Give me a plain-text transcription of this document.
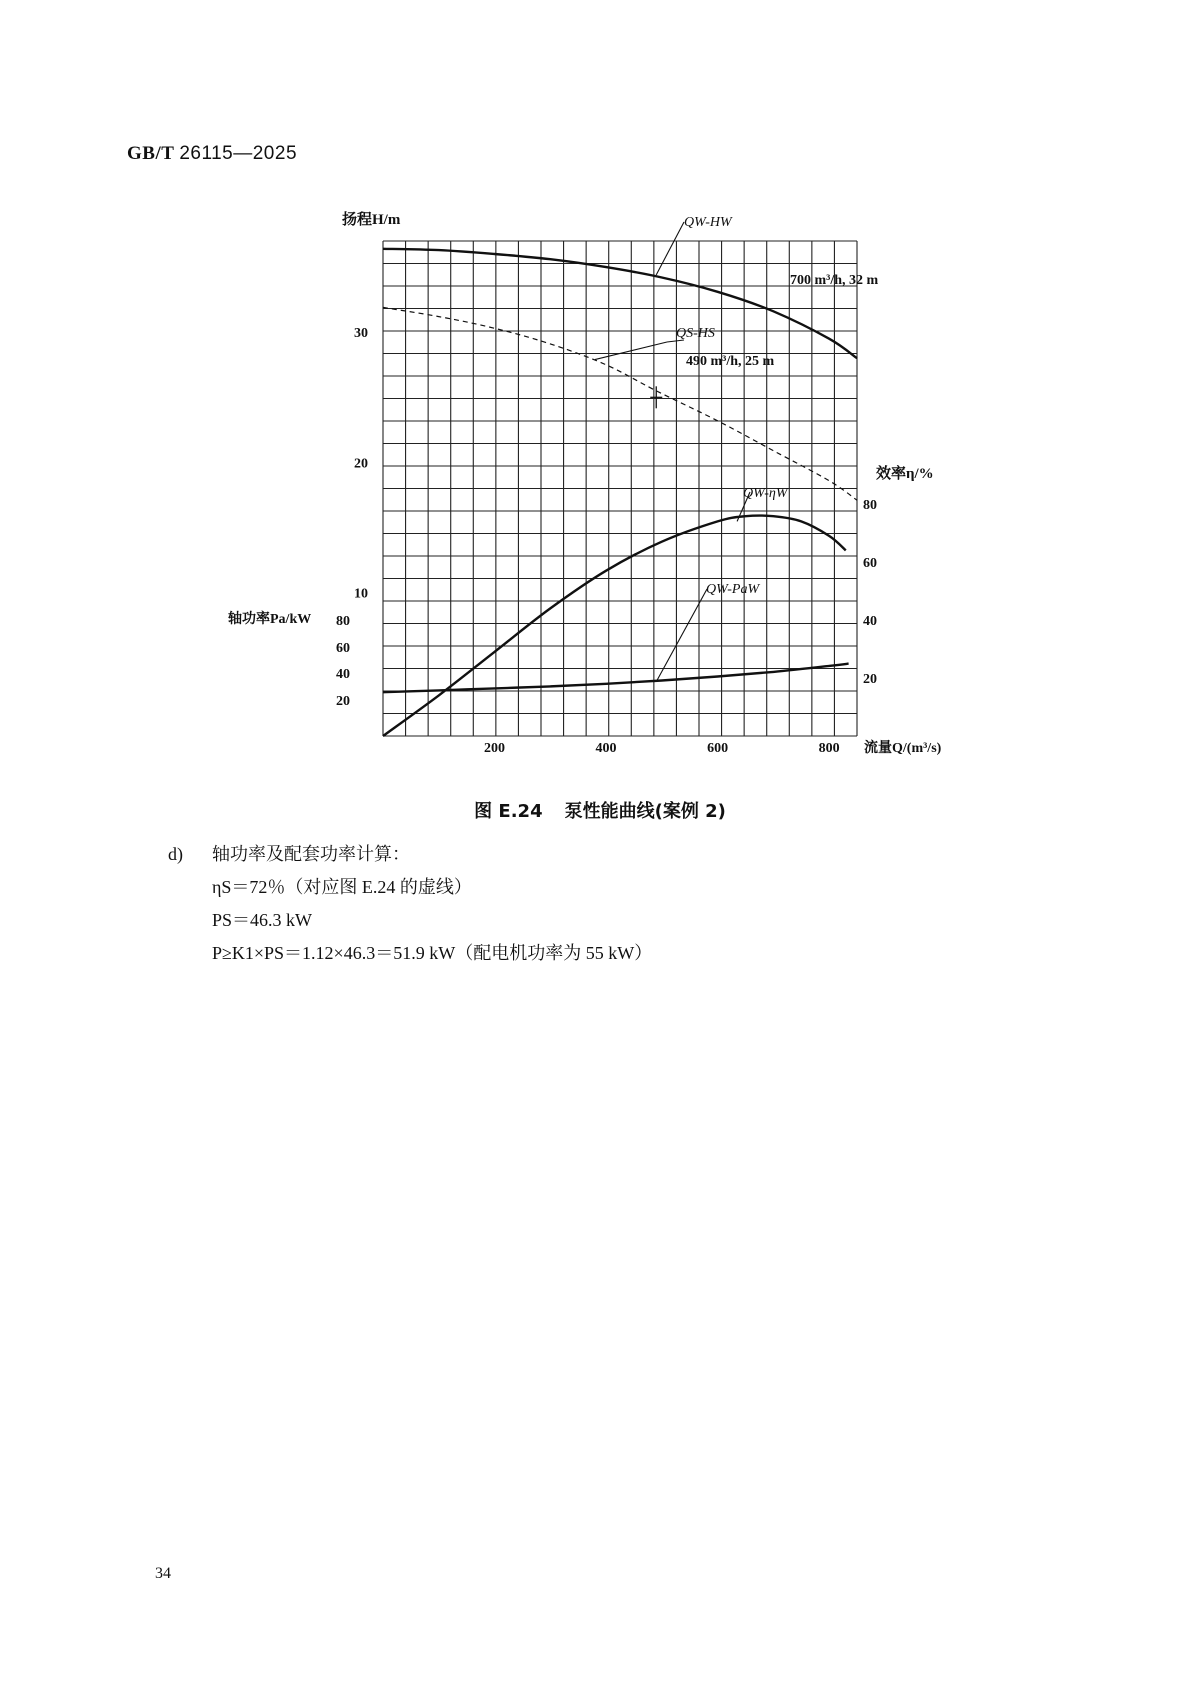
GB/T 26115—2025
200	400	600	800
10
20
30
20
40
60
80
20
40
60
80
扬程H/m
轴功率Pa/kW
效率η/%
流量Q/(m³/s)
QW-HW
QS-HS
QW-ηW
QW-PaW
700 m³/h, 32 m
490 m³/h, 25 m
图 E.24 泵性能曲线(案例 2)
d) 轴功率及配套功率计算：
ηS＝72％（对应图 E.24 的虚线）
PS＝46.3 kW
P≥K1×PS＝1.12×46.3＝51.9 kW（配电机功率为 55 kW）
34
